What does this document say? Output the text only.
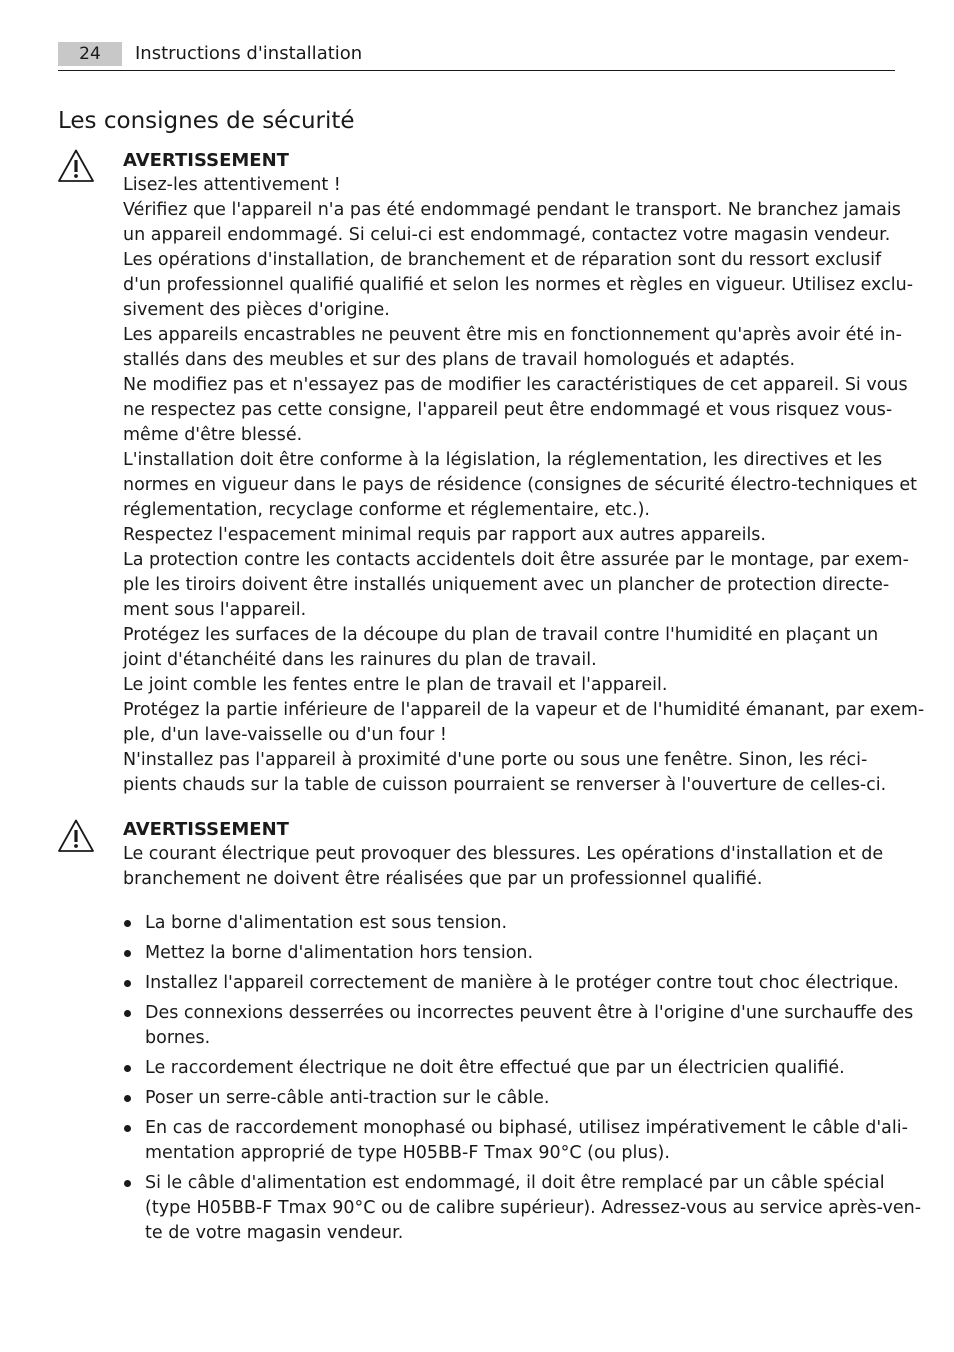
24	Instructions d'installation
Les consignes de sécurité
AVERTISSEMENT
Lisez-les attentivement !
Vérifiez que l'appareil n'a pas été endommagé pendant le transport. Ne branchez jamais
un appareil endommagé. Si celui-ci est endommagé, contactez votre magasin vendeur.
Les opérations d'installation, de branchement et de réparation sont du ressort exclusif
d'un professionnel qualifié qualifié et selon les normes et règles en vigueur. Utilisez exclu-
sivement des pièces d'origine.
Les appareils encastrables ne peuvent être mis en fonctionnement qu'après avoir été in-
stallés dans des meubles et sur des plans de travail homologués et adaptés.
Ne modifiez pas et n'essayez pas de modifier les caractéristiques de cet appareil. Si vous
ne respectez pas cette consigne, l'appareil peut être endommagé et vous risquez vous-
même d'être blessé.
L'installation doit être conforme à la législation, la réglementation, les directives et les
normes en vigueur dans le pays de résidence (consignes de sécurité électro-techniques et
réglementation, recyclage conforme et réglementaire, etc.).
Respectez l'espacement minimal requis par rapport aux autres appareils.
La protection contre les contacts accidentels doit être assurée par le montage, par exem-
ple les tiroirs doivent être installés uniquement avec un plancher de protection directe-
ment sous l'appareil.
Protégez les surfaces de la découpe du plan de travail contre l'humidité en plaçant un
joint d'étanchéité dans les rainures du plan de travail.
Le joint comble les fentes entre le plan de travail et l'appareil.
Protégez la partie inférieure de l'appareil de la vapeur et de l'humidité émanant, par exem-
ple, d'un lave-vaisselle ou d'un four !
N'installez pas l'appareil à proximité d'une porte ou sous une fenêtre. Sinon, les réci-
pients chauds sur la table de cuisson pourraient se renverser à l'ouverture de celles-ci.
AVERTISSEMENT
Le courant électrique peut provoquer des blessures. Les opérations d'installation et de
branchement ne doivent être réalisées que par un professionnel qualifié.
La borne d'alimentation est sous tension.
Mettez la borne d'alimentation hors tension.
Installez l'appareil correctement de manière à le protéger contre tout choc électrique.
Des connexions desserrées ou incorrectes peuvent être à l'origine d'une surchauffe des
bornes.
Le raccordement électrique ne doit être effectué que par un électricien qualifié.
Poser un serre-câble anti-traction sur le câble.
En cas de raccordement monophasé ou biphasé, utilisez impérativement le câble d'ali-
mentation approprié de type H05BB-F Tmax 90°C (ou plus).
Si le câble d'alimentation est endommagé, il doit être remplacé par un câble spécial
(type H05BB-F Tmax 90°C ou de calibre supérieur). Adressez-vous au service après-ven-
te de votre magasin vendeur.
